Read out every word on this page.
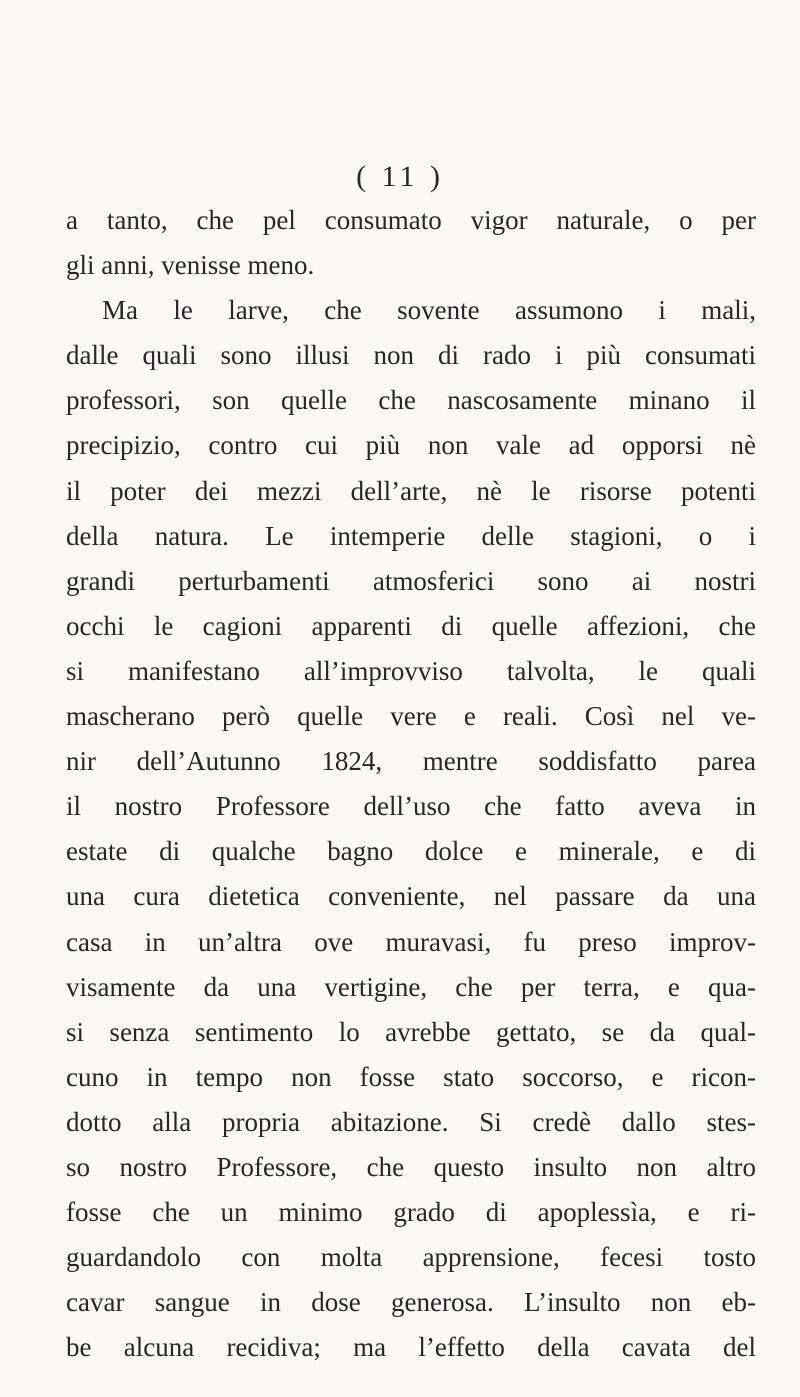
( 11 )
a tanto, che pel consumato vigor naturale, o per
gli anni, venisse meno.
Ma le larve, che sovente assumono i mali,
dalle quali sono illusi non di rado i più consumati
professori, son quelle che nascosamente minano il
precipizio, contro cui più non vale ad opporsi nè
il poter dei mezzi dell’arte, nè le risorse potenti
della natura. Le intemperie delle stagioni, o i
grandi perturbamenti atmosferici sono ai nostri
occhi le cagioni apparenti di quelle affezioni, che
si manifestano all’improvviso talvolta, le quali
mascherano però quelle vere e reali. Così nel ve-
nir dell’Autunno 1824, mentre soddisfatto parea
il nostro Professore dell’uso che fatto aveva in
estate di qualche bagno dolce e minerale, e di
una cura dietetica conveniente, nel passare da una
casa in un’altra ove muravasi, fu preso improv-
visamente da una vertigine, che per terra, e qua-
si senza sentimento lo avrebbe gettato, se da qual-
cuno in tempo non fosse stato soccorso, e ricon-
dotto alla propria abitazione. Si credè dallo stes-
so nostro Professore, che questo insulto non altro
fosse che un minimo grado di apoplessìa, e ri-
guardandolo con molta apprensione, fecesi tosto
cavar sangue in dose generosa. L’insulto non eb-
be alcuna recidiva; ma l’effetto della cavata del
